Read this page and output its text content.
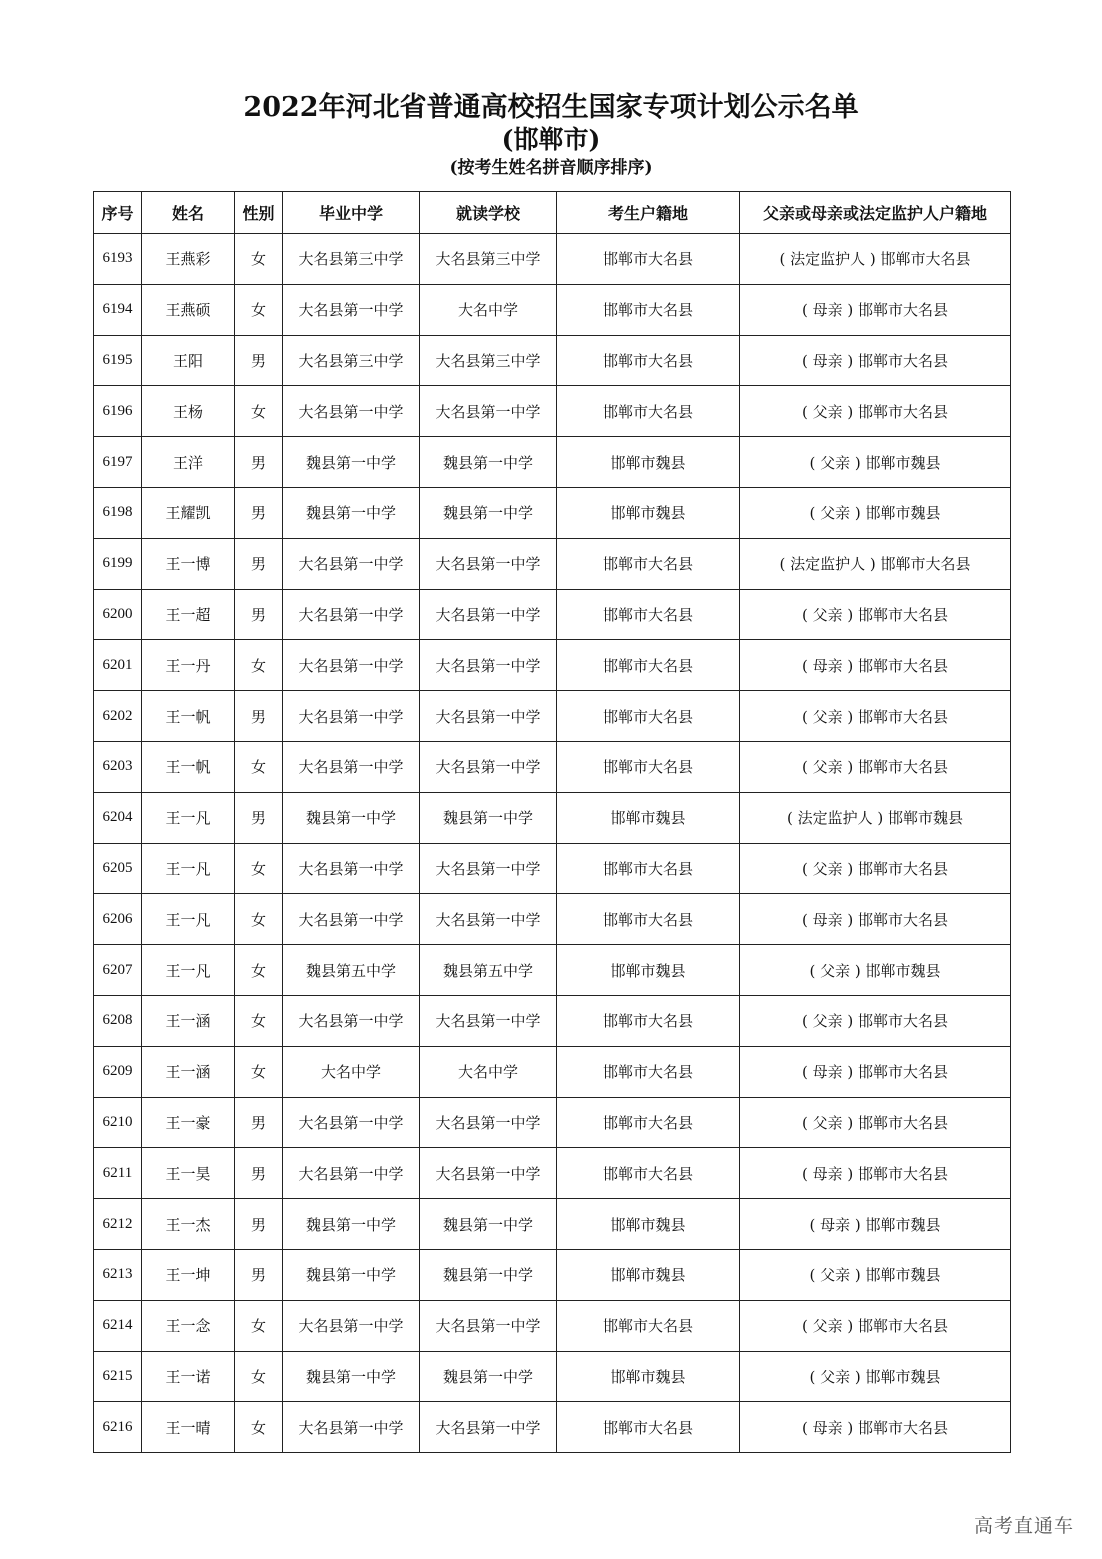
2022年河北省普通高校招生国家专项计划公示名单
(邯郸市)
(按考生姓名拼音顺序排序)
序号	姓名	性别	毕业中学	就读学校	考生户籍地	父亲或母亲或法定监护人户籍地
6193	王燕彩	女	大名县第三中学	大名县第三中学	邯郸市大名县	( 法定监护人 ) 邯郸市大名县
6194	王燕硕	女	大名县第一中学	大名中学	邯郸市大名县	( 母亲 ) 邯郸市大名县
6195	王阳	男	大名县第三中学	大名县第三中学	邯郸市大名县	( 母亲 ) 邯郸市大名县
6196	王杨	女	大名县第一中学	大名县第一中学	邯郸市大名县	( 父亲 ) 邯郸市大名县
6197	王洋	男	魏县第一中学	魏县第一中学	邯郸市魏县	( 父亲 ) 邯郸市魏县
6198	王耀凯	男	魏县第一中学	魏县第一中学	邯郸市魏县	( 父亲 ) 邯郸市魏县
6199	王一博	男	大名县第一中学	大名县第一中学	邯郸市大名县	( 法定监护人 ) 邯郸市大名县
6200	王一超	男	大名县第一中学	大名县第一中学	邯郸市大名县	( 父亲 ) 邯郸市大名县
6201	王一丹	女	大名县第一中学	大名县第一中学	邯郸市大名县	( 母亲 ) 邯郸市大名县
6202	王一帆	男	大名县第一中学	大名县第一中学	邯郸市大名县	( 父亲 ) 邯郸市大名县
6203	王一帆	女	大名县第一中学	大名县第一中学	邯郸市大名县	( 父亲 ) 邯郸市大名县
6204	王一凡	男	魏县第一中学	魏县第一中学	邯郸市魏县	( 法定监护人 ) 邯郸市魏县
6205	王一凡	女	大名县第一中学	大名县第一中学	邯郸市大名县	( 父亲 ) 邯郸市大名县
6206	王一凡	女	大名县第一中学	大名县第一中学	邯郸市大名县	( 母亲 ) 邯郸市大名县
6207	王一凡	女	魏县第五中学	魏县第五中学	邯郸市魏县	( 父亲 ) 邯郸市魏县
6208	王一涵	女	大名县第一中学	大名县第一中学	邯郸市大名县	( 父亲 ) 邯郸市大名县
6209	王一涵	女	大名中学	大名中学	邯郸市大名县	( 母亲 ) 邯郸市大名县
6210	王一豪	男	大名县第一中学	大名县第一中学	邯郸市大名县	( 父亲 ) 邯郸市大名县
6211	王一昊	男	大名县第一中学	大名县第一中学	邯郸市大名县	( 母亲 ) 邯郸市大名县
6212	王一杰	男	魏县第一中学	魏县第一中学	邯郸市魏县	( 母亲 ) 邯郸市魏县
6213	王一坤	男	魏县第一中学	魏县第一中学	邯郸市魏县	( 父亲 ) 邯郸市魏县
6214	王一念	女	大名县第一中学	大名县第一中学	邯郸市大名县	( 父亲 ) 邯郸市大名县
6215	王一诺	女	魏县第一中学	魏县第一中学	邯郸市魏县	( 父亲 ) 邯郸市魏县
6216	王一晴	女	大名县第一中学	大名县第一中学	邯郸市大名县	( 母亲 ) 邯郸市大名县
高考直通车
